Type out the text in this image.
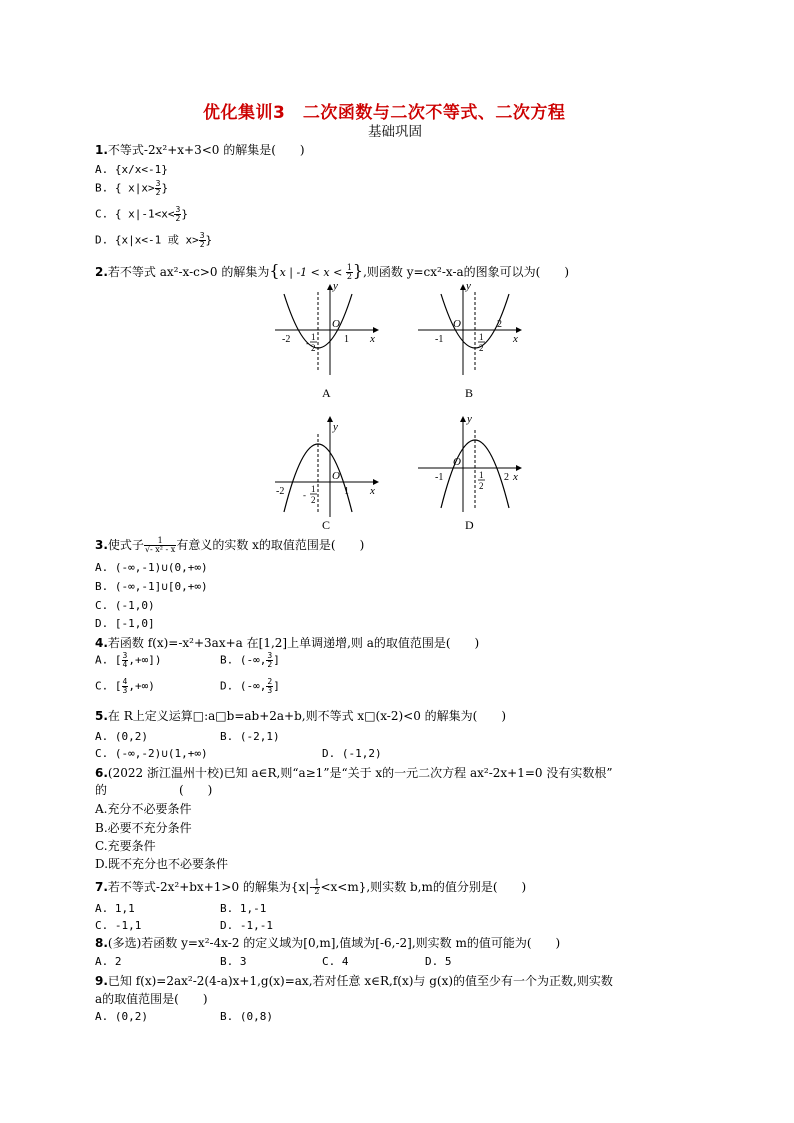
优化集训3　二次函数与二次不等式、二次方程
基础巩固
1.不等式-2x²+x+3<0 的解集是(　　)
A. {x/x<-1}
B. { $x|x> \frac{3}{2}$ }
C. { $x|-1<x< \frac{3}{2}$ }
D. {x|x<-1 或 $x> \frac{3}{2}$ }
2.若不等式 ax²-x-c>0 的解集为{x | $-1 < x < \frac{1}{2}$ },则函数 y=cx²-x-a的图象可以为(　　)
y
x
O
-2	1
-
1
2
A
y
x
O
-1
2
1
2
B
y
x
O
-2	1
-
1
2
C
y
x
O
-1	2
1
2
D
3.使式子 $\frac{1}{\text{√- x² - x}}$ 有意义的实数 x的取值范围是(　　)
A. (-∞,-1)∪(0,+∞)
B. (-∞,-1]∪[0,+∞)
C. (-1,0)
D. [-1,0]
4.若函数 f(x)=-x²+3ax+a 在[1,2]上单调递增,则 a的取值范围是(　　)
A. [ $\frac{3}{4}$ ,+∞])	B. (-∞, $\frac{3}{2}$ ]
C. [ $\frac{4}{3}$ ,+∞)	D. (-∞, $\frac{2}{3}$ ]
5.在 R上定义运算□:a□b=ab+2a+b,则不等式 x□(x-2)<0 的解集为(　　)
A. (0,2)	B. (-2,1)
C. (-∞,-2)∪(1,+∞)	D. (-1,2)
6.(2022 浙江温州十校)已知 a∈R,则“a≥1”是“关于 x的一元二次方程 ax²-2x+1=0 没有实数根”
的　　　　　　(　　)
A.充分不必要条件
B.必要不充分条件
C.充要条件
D.既不充分也不必要条件
7.若不等式-2x²+bx+1>0 的解集为$\{x|- \frac{1}{2} <x<m\}$,则实数 b,m的值分别是(　　)
A. 1,1	B. 1,-1
C. -1,1	D. -1,-1
8.(多选)若函数 y=x²-4x-2 的定义域为[0,m],值域为[-6,-2],则实数 m的值可能为(　　)
A. 2	B. 3	C. 4	D. 5
9.已知 f(x)=2ax²-2(4-a)x+1,g(x)=ax,若对任意 x∈R,f(x)与 g(x)的值至少有一个为正数,则实数
a的取值范围是(　　)
A. (0,2)	B. (0,8)
